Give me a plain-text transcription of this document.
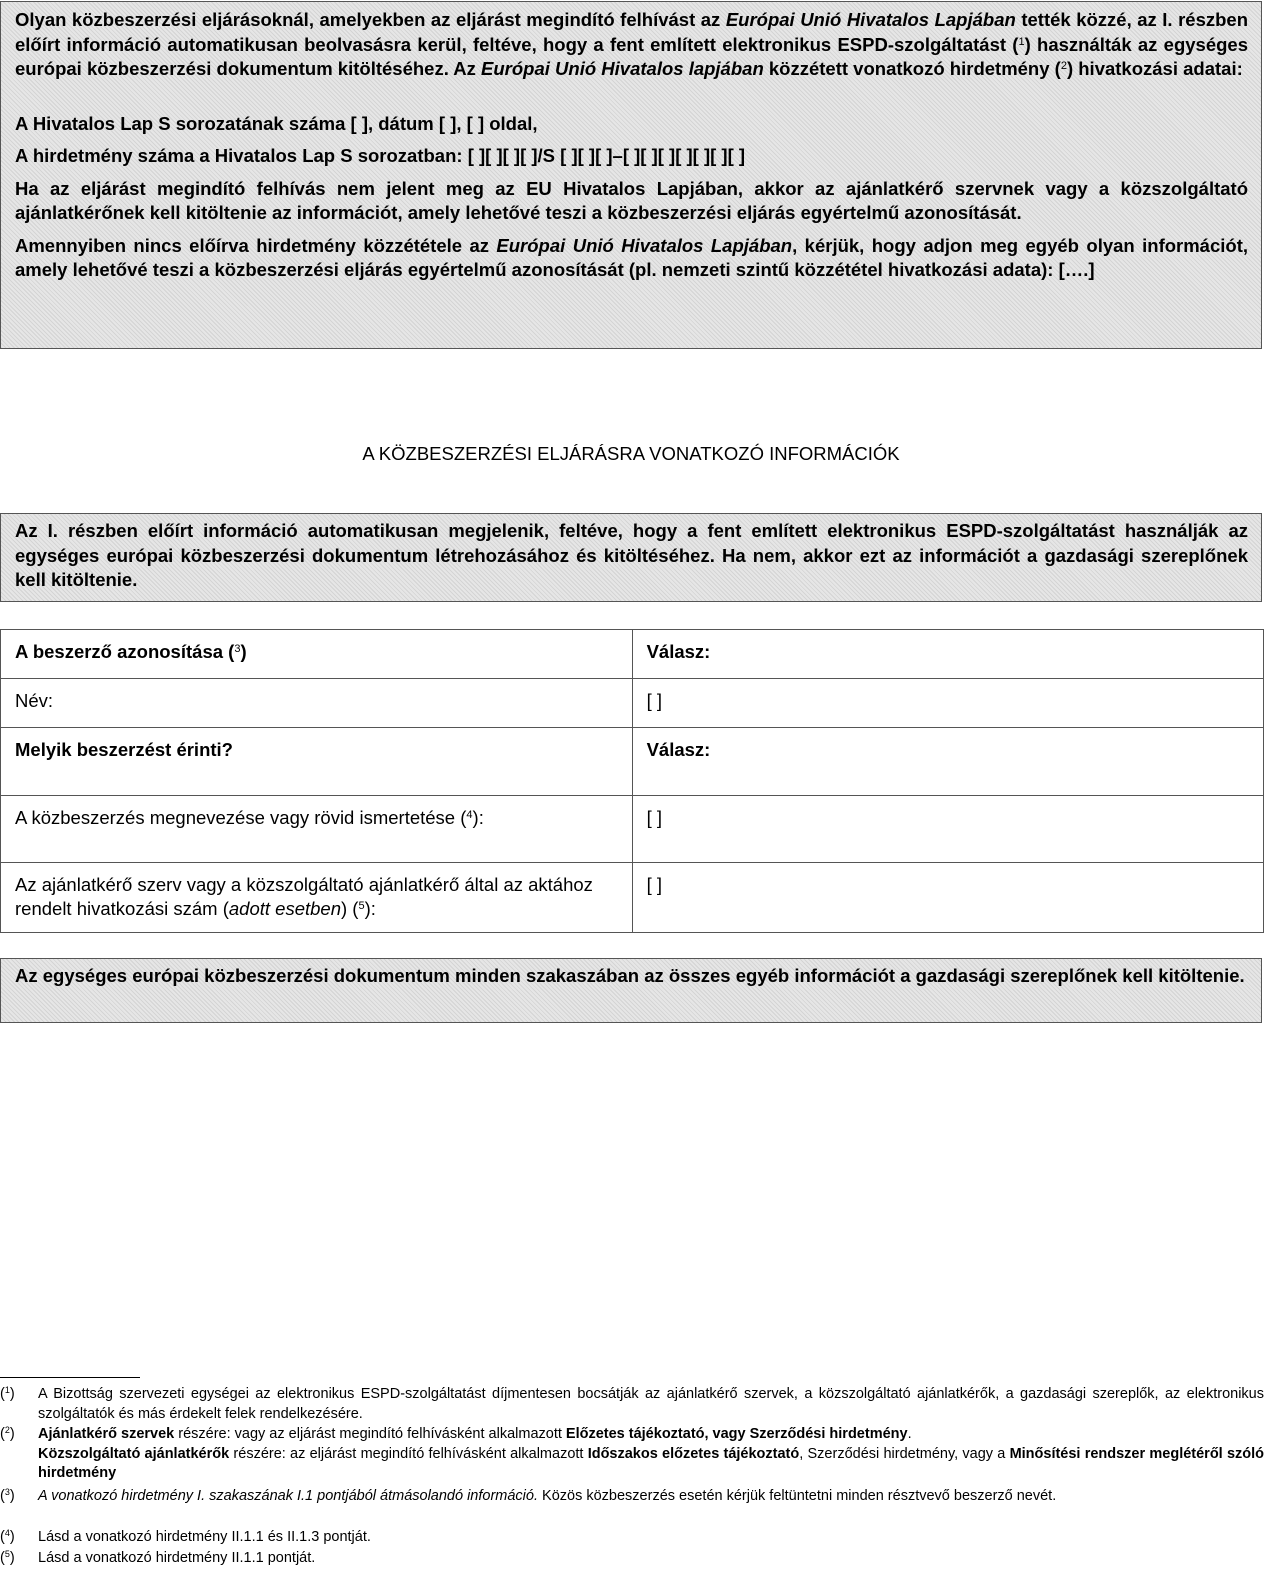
Olyan közbeszerzési eljárásoknál, amelyekben az eljárást megindító felhívást az Európai Unió Hivatalos Lapjában tették közzé, az I. részben előírt információ automatikusan beolvasásra kerül, feltéve, hogy a fent említett elektronikus ESPD-szolgáltatást ($^1$) használták az egységes európai közbeszerzési dokumentum kitöltéséhez. Az Európai Unió Hivatalos lapjában közzétett vonatkozó hirdetmény ($^2$) hivatkozási adatai:

A Hivatalos Lap S sorozatának száma [ ], dátum [ ], [ ] oldal,

A hirdetmény száma a Hivatalos Lap S sorozatban: [ ][ ][ ][ ]/S [ ][ ][ ]–[ ][ ][ ][ ][ ][ ][ ]

Ha az eljárást megindító felhívás nem jelent meg az EU Hivatalos Lapjában, akkor az ajánlatkérő szervnek vagy a közszolgáltató ajánlatkérőnek kell kitöltenie az információt, amely lehetővé teszi a közbeszerzési eljárás egyértelmű azonosítását.

Amennyiben nincs előírva hirdetmény közzététele az Európai Unió Hivatalos Lapjában, kérjük, hogy adjon meg egyéb olyan információt, amely lehetővé teszi a közbeszerzési eljárás egyértelmű azonosítását (pl. nemzeti szintű közzététel hivatkozási adata): [….]

A KÖZBESZERZÉSI ELJÁRÁSRA VONATKOZÓ INFORMÁCIÓK

Az I. részben előírt információ automatikusan megjelenik, feltéve, hogy a fent említett elektronikus ESPD-szolgáltatást használják az egységes európai közbeszerzési dokumentum létrehozásához és kitöltéséhez. Ha nem, akkor ezt az információt a gazdasági szereplőnek kell kitöltenie.

A beszerző azonosítása ($^3$)	Válasz:
Név:	[ ]
Melyik beszerzést érinti?	Válasz:
A közbeszerzés megnevezése vagy rövid ismertetése ($^4$):	[ ]
Az ajánlatkérő szerv vagy a közszolgáltató ajánlatkérő által az aktához rendelt hivatkozási szám (adott esetben) ($^5$):	[ ]

Az egységes európai közbeszerzési dokumentum minden szakaszában az összes egyéb információt a gazdasági szereplőnek kell kitöltenie.

($^1$) A Bizottság szervezeti egységei az elektronikus ESPD-szolgáltatást díjmentesen bocsátják az ajánlatkérő szervek, a közszolgáltató ajánlatkérők, a gazdasági szereplők, az elektronikus szolgáltatók és más érdekelt felek rendelkezésére.
($^2$) Ajánlatkérő szervek részére: vagy az eljárást megindító felhívásként alkalmazott Előzetes tájékoztató, vagy Szerződési hirdetmény.
Közszolgáltató ajánlatkérők részére: az eljárást megindító felhívásként alkalmazott Időszakos előzetes tájékoztató, Szerződési hirdetmény, vagy a Minősítési rendszer meglétéről szóló hirdetmény
($^3$) A vonatkozó hirdetmény I. szakaszának I.1 pontjából átmásolandó információ. Közös közbeszerzés esetén kérjük feltüntetni minden résztvevő beszerző nevét.
($^4$) Lásd a vonatkozó hirdetmény II.1.1 és II.1.3 pontját.
($^5$) Lásd a vonatkozó hirdetmény II.1.1 pontját.
